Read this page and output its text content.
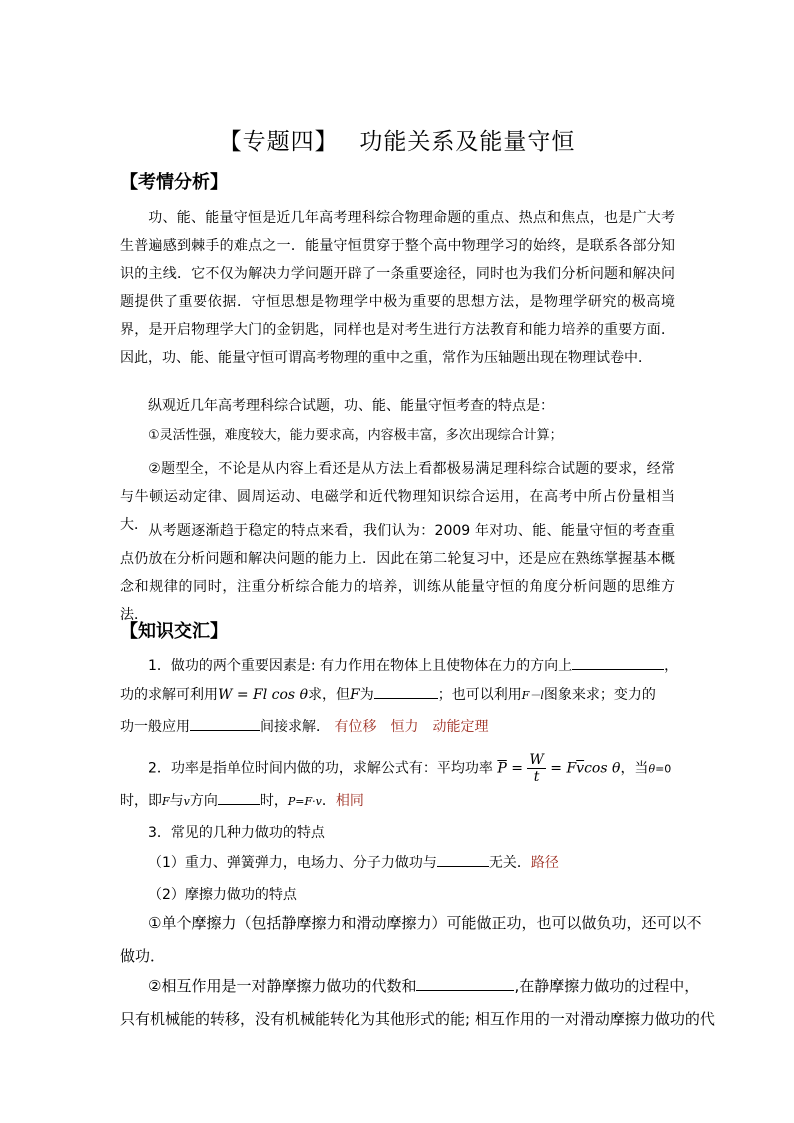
【专题四】　 功能关系及能量守恒
【考情分析】

功、能、能量守恒是近几年高考理科综合物理命题的重点、热点和焦点，也是广大考生普遍感到棘手的难点之一．能量守恒贯穿于整个高中物理学习的始终，是联系各部分知识的主线．它不仅为解决力学问题开辟了一条重要途径，同时也为我们分析问题和解决问题提供了重要依据．守恒思想是物理学中极为重要的思想方法，是物理学研究的极高境界，是开启物理学大门的金钥匙，同样也是对考生进行方法教育和能力培养的重要方面．因此，功、能、能量守恒可谓高考物理的重中之重，常作为压轴题出现在物理试卷中．

纵观近几年高考理科综合试题，功、能、能量守恒考查的特点是：

①灵活性强，难度较大，能力要求高，内容极丰富，多次出现综合计算；

②题型全，不论是从内容上看还是从方法上看都极易满足理科综合试题的要求，经常与牛顿运动定律、圆周运动、电磁学和近代物理知识综合运用，在高考中所占份量相当大． 从考题逐渐趋于稳定的特点来看，我们认为：2009 年对功、能、能量守恒的考查重点仍放在分析问题和解决问题的能力上．因此在第二轮复习中，还是应在熟练掌握基本概念和规律的同时，注重分析综合能力的培养，训练从能量守恒的角度分析问题的思维方法．

【知识交汇】
1．做功的两个重要因素是: 有力作用在物体上且使物体在力的方向上	，
功的求解可利用W = Fl cos θ求，但F为	；也可以利用F－l图象来求；变力的
功一般应用	间接求解． 有位移　恒力　动能定理
2．功率是指单位时间内做的功，求解公式有：平均功率 $\overline{P} = \frac{W}{t} = F\overline{v}\cos$ θ，当θ=0
时，即F与v方向	时，P=F·v．相同
3．常见的几种力做功的特点
（1）重力、弹簧弹力，电场力、分子力做功与	无关．路径
（2）摩擦力做功的特点
①单个摩擦力（包括静摩擦力和滑动摩擦力）可能做正功，也可以做负功，还可以不
做功．
②相互作用是一对静摩擦力做功的代数和	,在静摩擦力做功的过程中，
只有机械能的转移，没有机械能转化为其他形式的能; 相互作用的一对滑动摩擦力做功的代
